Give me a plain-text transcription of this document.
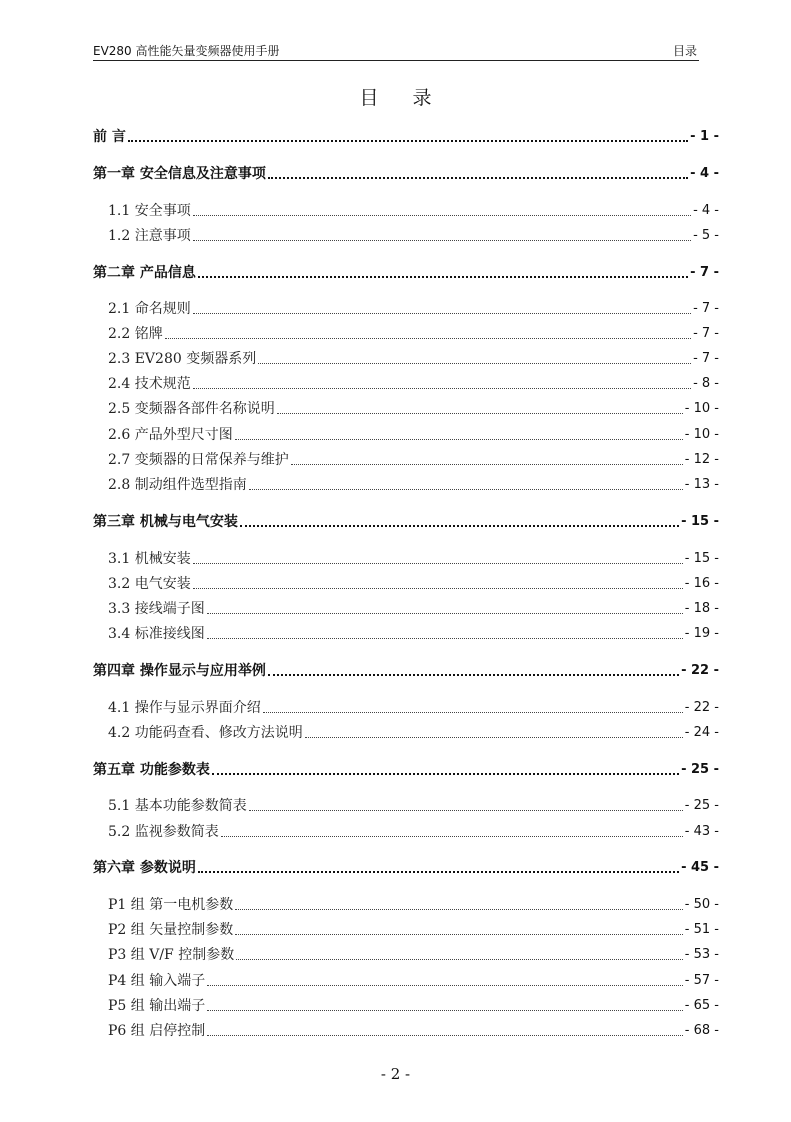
EV280 高性能矢量变频器使用手册	目录
目 录
前 言	- 1 -
第一章 安全信息及注意事项	- 4 -
1.1 安全事项	- 4 -
1.2 注意事项	- 5 -
第二章 产品信息	- 7 -
2.1 命名规则	- 7 -
2.2 铭牌	- 7 -
2.3 EV280 变频器系列	- 7 -
2.4 技术规范	- 8 -
2.5 变频器各部件名称说明	- 10 -
2.6 产品外型尺寸图	- 10 -
2.7 变频器的日常保养与维护	- 12 -
2.8 制动组件选型指南	- 13 -
第三章 机械与电气安装	- 15 -
3.1 机械安装	- 15 -
3.2 电气安装	- 16 -
3.3 接线端子图	- 18 -
3.4 标准接线图	- 19 -
第四章 操作显示与应用举例	- 22 -
4.1 操作与显示界面介绍	- 22 -
4.2 功能码查看、修改方法说明	- 24 -
第五章 功能参数表	- 25 -
5.1 基本功能参数简表	- 25 -
5.2 监视参数简表	- 43 -
第六章 参数说明	- 45 -
P1 组 第一电机参数	- 50 -
P2 组 矢量控制参数	- 51 -
P3 组 V/F 控制参数	- 53 -
P4 组 输入端子	- 57 -
P5 组 输出端子	- 65 -
P6 组 启停控制	- 68 -
- 2 -
